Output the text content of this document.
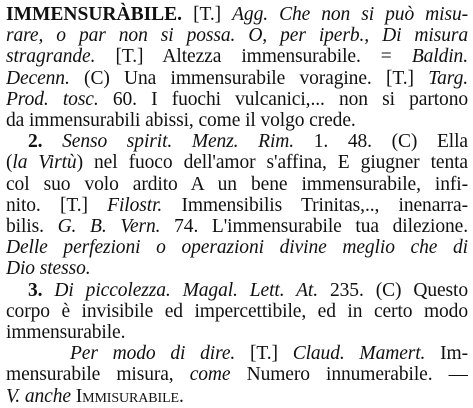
IMMENSURÀBILE. [T.] Agg. Che non si può misu-
rare, o par non si possa. O, per iperb., Di misura
stragrande. [T.] Altezza immensurabile. = Baldin.
Decenn. (C) Una immensurabile voragine. [T.] Targ.
Prod. tosc. 60. I fuochi vulcanici,... non si partono
da immensurabili abissi, come il volgo crede.
2. Senso spirit. Menz. Rim. 1. 48. (C) Ella
(la Virtù) nel fuoco dell'amor s'affina, E giugner tenta
col suo volo ardito A un bene immensurabile, infi-
nito. [T.] Filostr. Immensibilis Trinitas,.., inenarra-
bilis. G. B. Vern. 74. L'immensurabile tua dilezione.
Delle perfezioni o operazioni divine meglio che di
Dio stesso.
3. Di piccolezza. Magal. Lett. At. 235. (C) Questo
corpo è invisibile ed impercettibile, ed in certo modo
immensurabile.
Per modo di dire. [T.] Claud. Mamert. Im-
mensurabile misura, come Numero innumerabile. —
V. anche Immisurabile.
